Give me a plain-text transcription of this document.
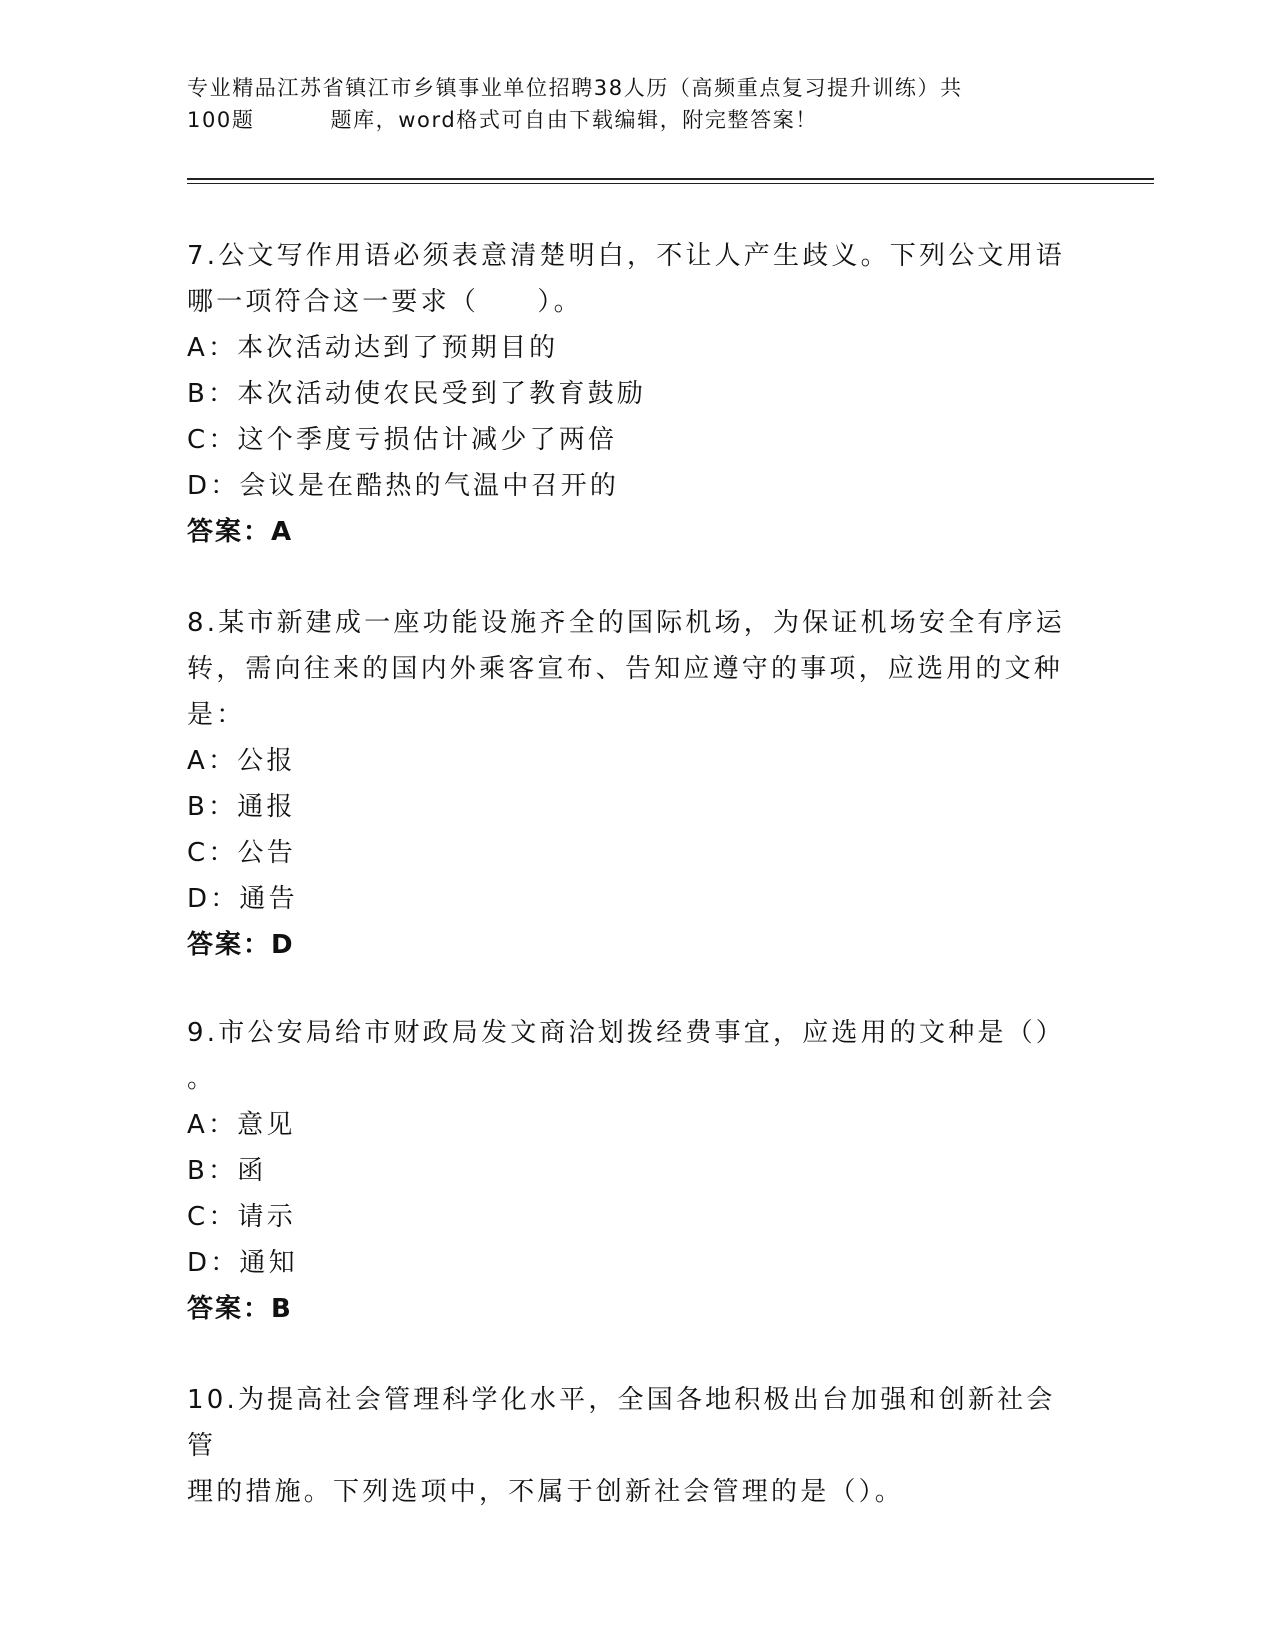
专业精品江苏省镇江市乡镇事业单位招聘38人历（高频重点复习提升训练）共
100题	题库，word格式可自由下载编辑，附完整答案！

7.公文写作用语必须表意清楚明白，不让人产生歧义。下列公文用语

哪一项符合这一要求（　　）。

A：本次活动达到了预期目的

B：本次活动使农民受到了教育鼓励

C：这个季度亏损估计减少了两倍

D：会议是在酷热的气温中召开的

答案：A

8.某市新建成一座功能设施齐全的国际机场，为保证机场安全有序运

转，需向往来的国内外乘客宣布、告知应遵守的事项，应选用的文种

是：

A：公报

B：通报

C：公告

D：通告

答案：D

9.市公安局给市财政局发文商洽划拨经费事宜，应选用的文种是（）

。

A：意见

B：函

C：请示

D：通知

答案：B

10.为提高社会管理科学化水平，全国各地积极出台加强和创新社会管

理的措施。下列选项中，不属于创新社会管理的是（）。
